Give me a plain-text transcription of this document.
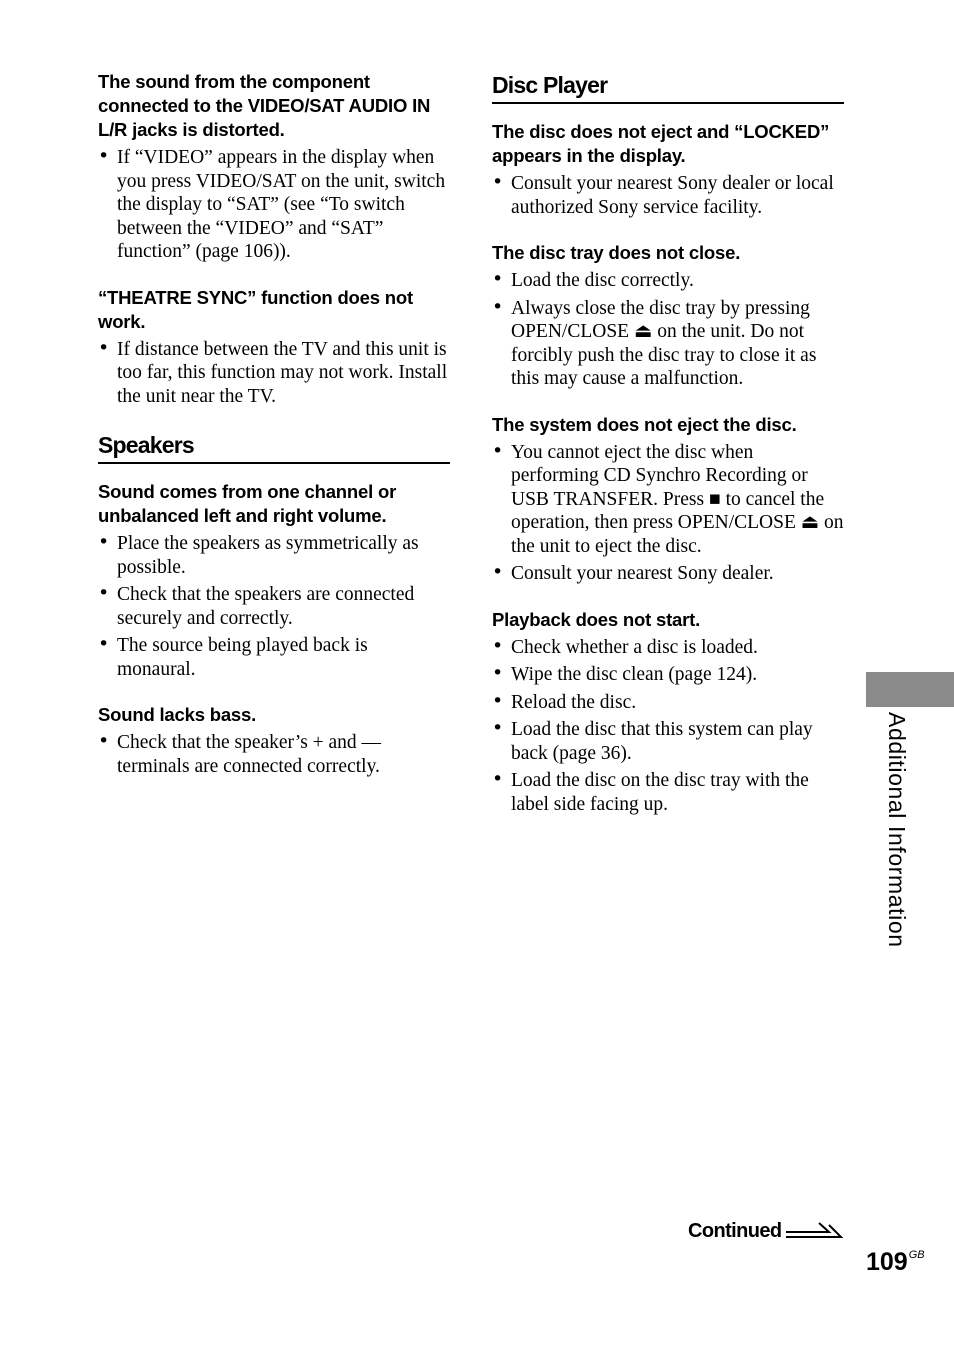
The sound from the component connected to the VIDEO/SAT AUDIO IN L/R jacks is distorted.

• If “VIDEO” appears in the display when you press VIDEO/SAT on the unit, switch the display to “SAT” (see “To switch between the “VIDEO” and “SAT” function” (page 106)).

“THEATRE SYNC” function does not work.

• If distance between the TV and this unit is too far, this function may not work. Install the unit near the TV.
Speakers

Sound comes from one channel or unbalanced left and right volume.

• Place the speakers as symmetrically as possible.
• Check that the speakers are connected securely and correctly.
• The source being played back is monaural.

Sound lacks bass.

• Check that the speaker’s + and — terminals are connected correctly.
Disc Player

The disc does not eject and “LOCKED” appears in the display.

• Consult your nearest Sony dealer or local authorized Sony service facility.

The disc tray does not close.

• Load the disc correctly.
• Always close the disc tray by pressing OPEN/CLOSE ⏏ on the unit. Do not forcibly push the disc tray to close it as this may cause a malfunction.

The system does not eject the disc.

• You cannot eject the disc when performing CD Synchro Recording or USB TRANSFER. Press ■ to cancel the operation, then press OPEN/CLOSE ⏏ on the unit to eject the disc.
• Consult your nearest Sony dealer.

Playback does not start.

• Check whether a disc is loaded.
• Wipe the disc clean (page 124).
• Reload the disc.
• Load the disc that this system can play back (page 36).
• Load the disc on the disc tray with the label side facing up.	Additional Information
Continued
$109^{GB}$
